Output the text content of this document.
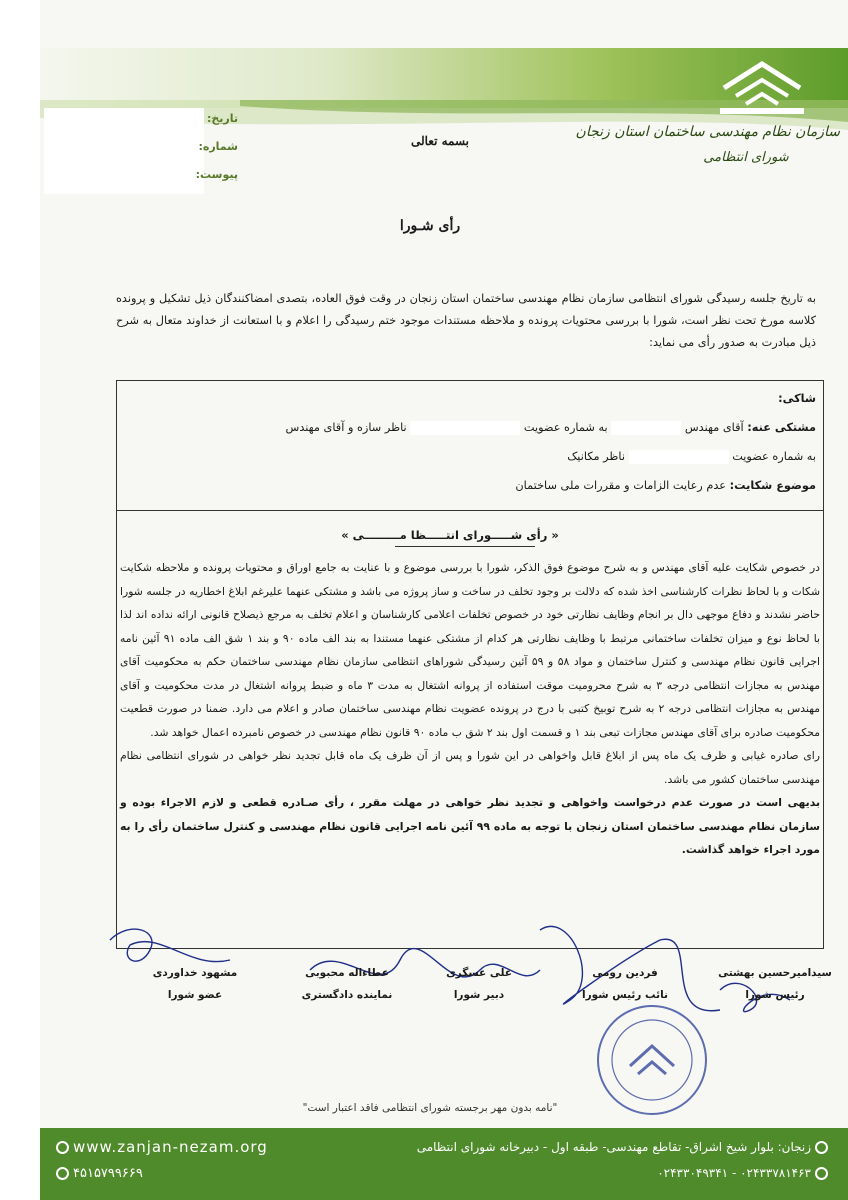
سازمان نظام مهندسی ساختمان استان زنجان
شورای انتظامی
تاریخ:
شماره:
پیوست:
بسمه تعالی
رأی شـورا
به تاریخ جلسه رسیدگی شورای انتظامی سازمان نظام مهندسی ساختمان استان زنجان در وقت فوق العاده، بتصدی امضاکنندگان ذیل تشکیل و پرونده کلاسه مورخ تحت نظر است، شورا با بررسی محتویات پرونده و ملاحظه مستندات موجود ختم رسیدگی را اعلام و با استعانت از خداوند متعال به شرح ذیل مبادرت به صدور رأی می نماید:
شاکی:
مشتکی عنه: آقای مهندس  به شماره عضویت  ناظر سازه و آقای مهندس
به شماره عضویت  ناظر مکانیک
موضوع شکایت: عدم رعایت الزامات و مقررات ملی ساختمان
« رأی شـــــورای انتـــــظا مـــــــــی »

در خصوص شکایت علیه آقای مهندس و به شرح موضوع فوق الذکر، شورا با بررسی موضوع و با عنایت به جامع اوراق و محتویات پرونده و ملاحظه شکایت شکات و با لحاظ نظرات کارشناسی اخذ شده که دلالت بر وجود تخلف در ساخت و ساز پروژه می باشد و مشتکی عنهما علیرغم ابلاغ اخطاریه در جلسه شورا حاضر نشدند و دفاع موجهی دال بر انجام وظایف نظارتی خود در خصوص تخلفات اعلامی کارشناسان و اعلام تخلف به مرجع ذیصلاح قانونی ارائه نداده اند لذا با لحاظ نوع و میزان تخلفات ساختمانی مرتبط با وظایف نظارتی هر کدام از مشتکی عنهما مستندا به بند الف ماده ۹۰ و بند ۱ شق الف ماده ۹۱ آئین نامه اجرایی قانون نظام مهندسی و کنترل ساختمان و مواد ۵۸ و ۵۹ آئین رسیدگی شوراهای انتظامی سازمان نظام مهندسی ساختمان حکم به محکومیت آقای مهندس به مجازات انتظامی درجه ۳ به شرح محرومیت موقت استفاده از پروانه اشتغال به مدت ۳ ماه و ضبط پروانه اشتغال در مدت محکومیت و آقای مهندس به مجازات انتظامی درجه ۲ به شرح توبیخ کتبی با درج در پرونده عضویت نظام مهندسی ساختمان صادر و اعلام می دارد. ضمنا در صورت قطعیت محکومیت صادره برای آقای مهندس مجازات تبعی بند ۱ و قسمت اول بند ۲ شق ب ماده ۹۰ قانون نظام مهندسی در خصوص نامبرده اعمال خواهد شد.

رای صادره غیابی و ظرف یک ماه پس از ابلاغ قابل واخواهی در این شورا و پس از آن ظرف یک ماه قابل تجدید نظر خواهی در شورای انتظامی نظام مهندسی ساختمان کشور می باشد.

بدیهی است در صورت عدم درخواست واخواهی و تجدید نظر خواهی در مهلت مقرر ، رأی صـادره قطعی و لازم الاجراء بوده و سازمان نظام مهندسی ساختمان استان زنجان با توجه به ماده ۹۹ آئین نامه اجرایی قانون نظام مهندسی و کنترل ساختمان رأی را به مورد اجراء خواهد گذاشت.

سیدامیرحسین بهشتی
رئیس شورا
فردین رومی
نائب رئیس شورا
علی عسگری
دبیر شورا
عطاءاله محبوبی
نماینده دادگستری
مشهود خداوردی
عضو شورا
"نامه بدون مهر برجسته شورای انتظامی فاقد اعتبار است"
www.zanjan-nezam.org
۴۵۱۵۷۹۹۶۶۹
زنجان: بلوار شیخ اشراق- تقاطع مهندسی- طبقه اول - دبیرخانه شورای انتظامی
۰۲۴۳۳۷۸۱۴۶۳ - ۰۲۴۳۳۰۴۹۳۴۱
